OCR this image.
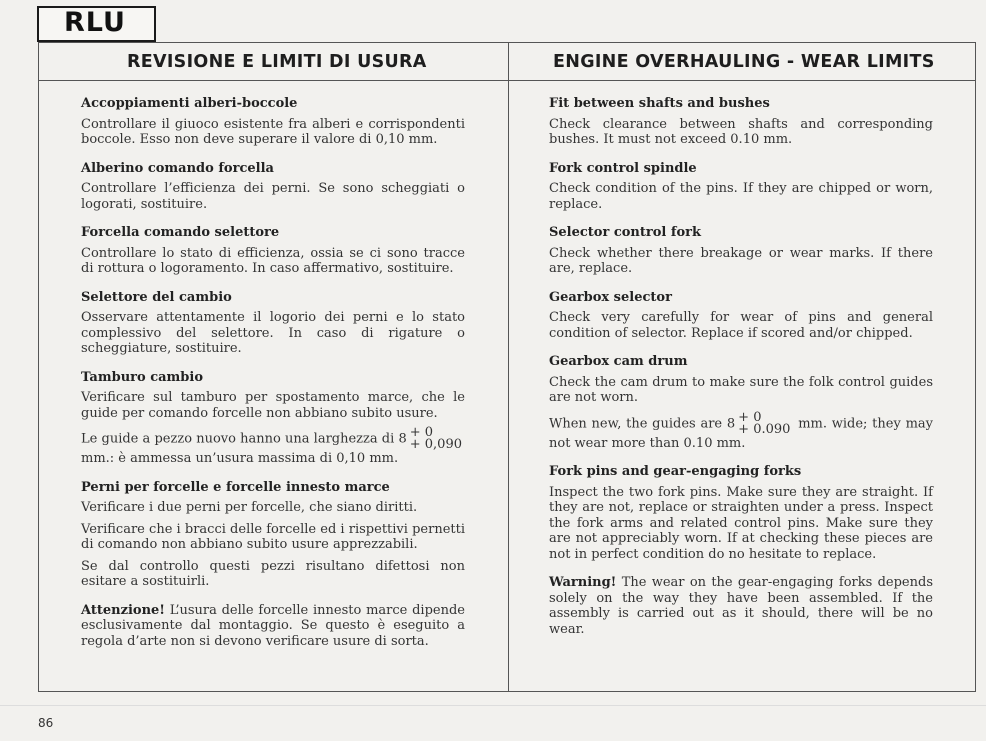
RLU
REVISIONE E LIMITI DI USURA	ENGINE OVERHAULING - WEAR LIMITS
Accoppiamenti alberi-boccole
Controllare il giuoco esistente fra alberi e corrispondenti boccole. Esso non deve superare il valore di 0,10 mm.
Alberino comando forcella
Controllare l’efficienza dei perni. Se sono scheggiati o logorati, sostituire.
Forcella comando selettore
Controllare lo stato di efficienza, ossia se ci sono tracce di rottura o logoramento. In caso affermativo, sostituire.
Selettore del cambio
Osservare attentamente il logorio dei perni e lo stato complessivo del selettore. In caso di rigature o scheggiature, sostituire.
Tamburo cambio
Verificare sul tamburo per spostamento marce, che le guide per comando forcelle non abbiano subito usure.
Le guide a pezzo nuovo hanno una larghezza di 8 + 0
+ 0,090
mm.: è ammessa un’usura massima di 0,10 mm.
Perni per forcelle e forcelle innesto marce
Verificare i due perni per forcelle, che siano diritti.
Verificare che i bracci delle forcelle ed i rispettivi pernetti di comando non abbiano subito usure apprezzabili.
Se dal controllo questi pezzi risultano difettosi non esitare a sostituirli.
Attenzione! L’usura delle forcelle innesto marce dipende esclusivamente dal montaggio. Se questo è eseguito a regola d’arte non si devono verificare usure di sorta.
Fit between shafts and bushes
Check clearance between shafts and corresponding bushes. It must not exceed 0.10 mm.
Fork control spindle
Check condition of the pins. If they are chipped or worn, replace.
Selector control fork
Check whether there breakage or wear marks. If there are, replace.
Gearbox selector
Check very carefully for wear of pins and general condition of selector. Replace if scored and/or chipped.
Gearbox cam drum
Check the cam drum to make sure the folk control guides are not worn.
When new, the guides are 8 + 0
+ 0.090 mm. wide; they may not wear more than 0.10 mm.
Fork pins and gear-engaging forks
Inspect the two fork pins. Make sure they are straight. If they are not, replace or straighten under a press. Inspect the fork arms and related control pins. Make sure they are not appreciably worn. If at checking these pieces are not in perfect condition do no hesitate to replace.
Warning! The wear on the gear-engaging forks depends solely on the way they have been assembled. If the assembly is carried out as it should, there will be no wear.
86
